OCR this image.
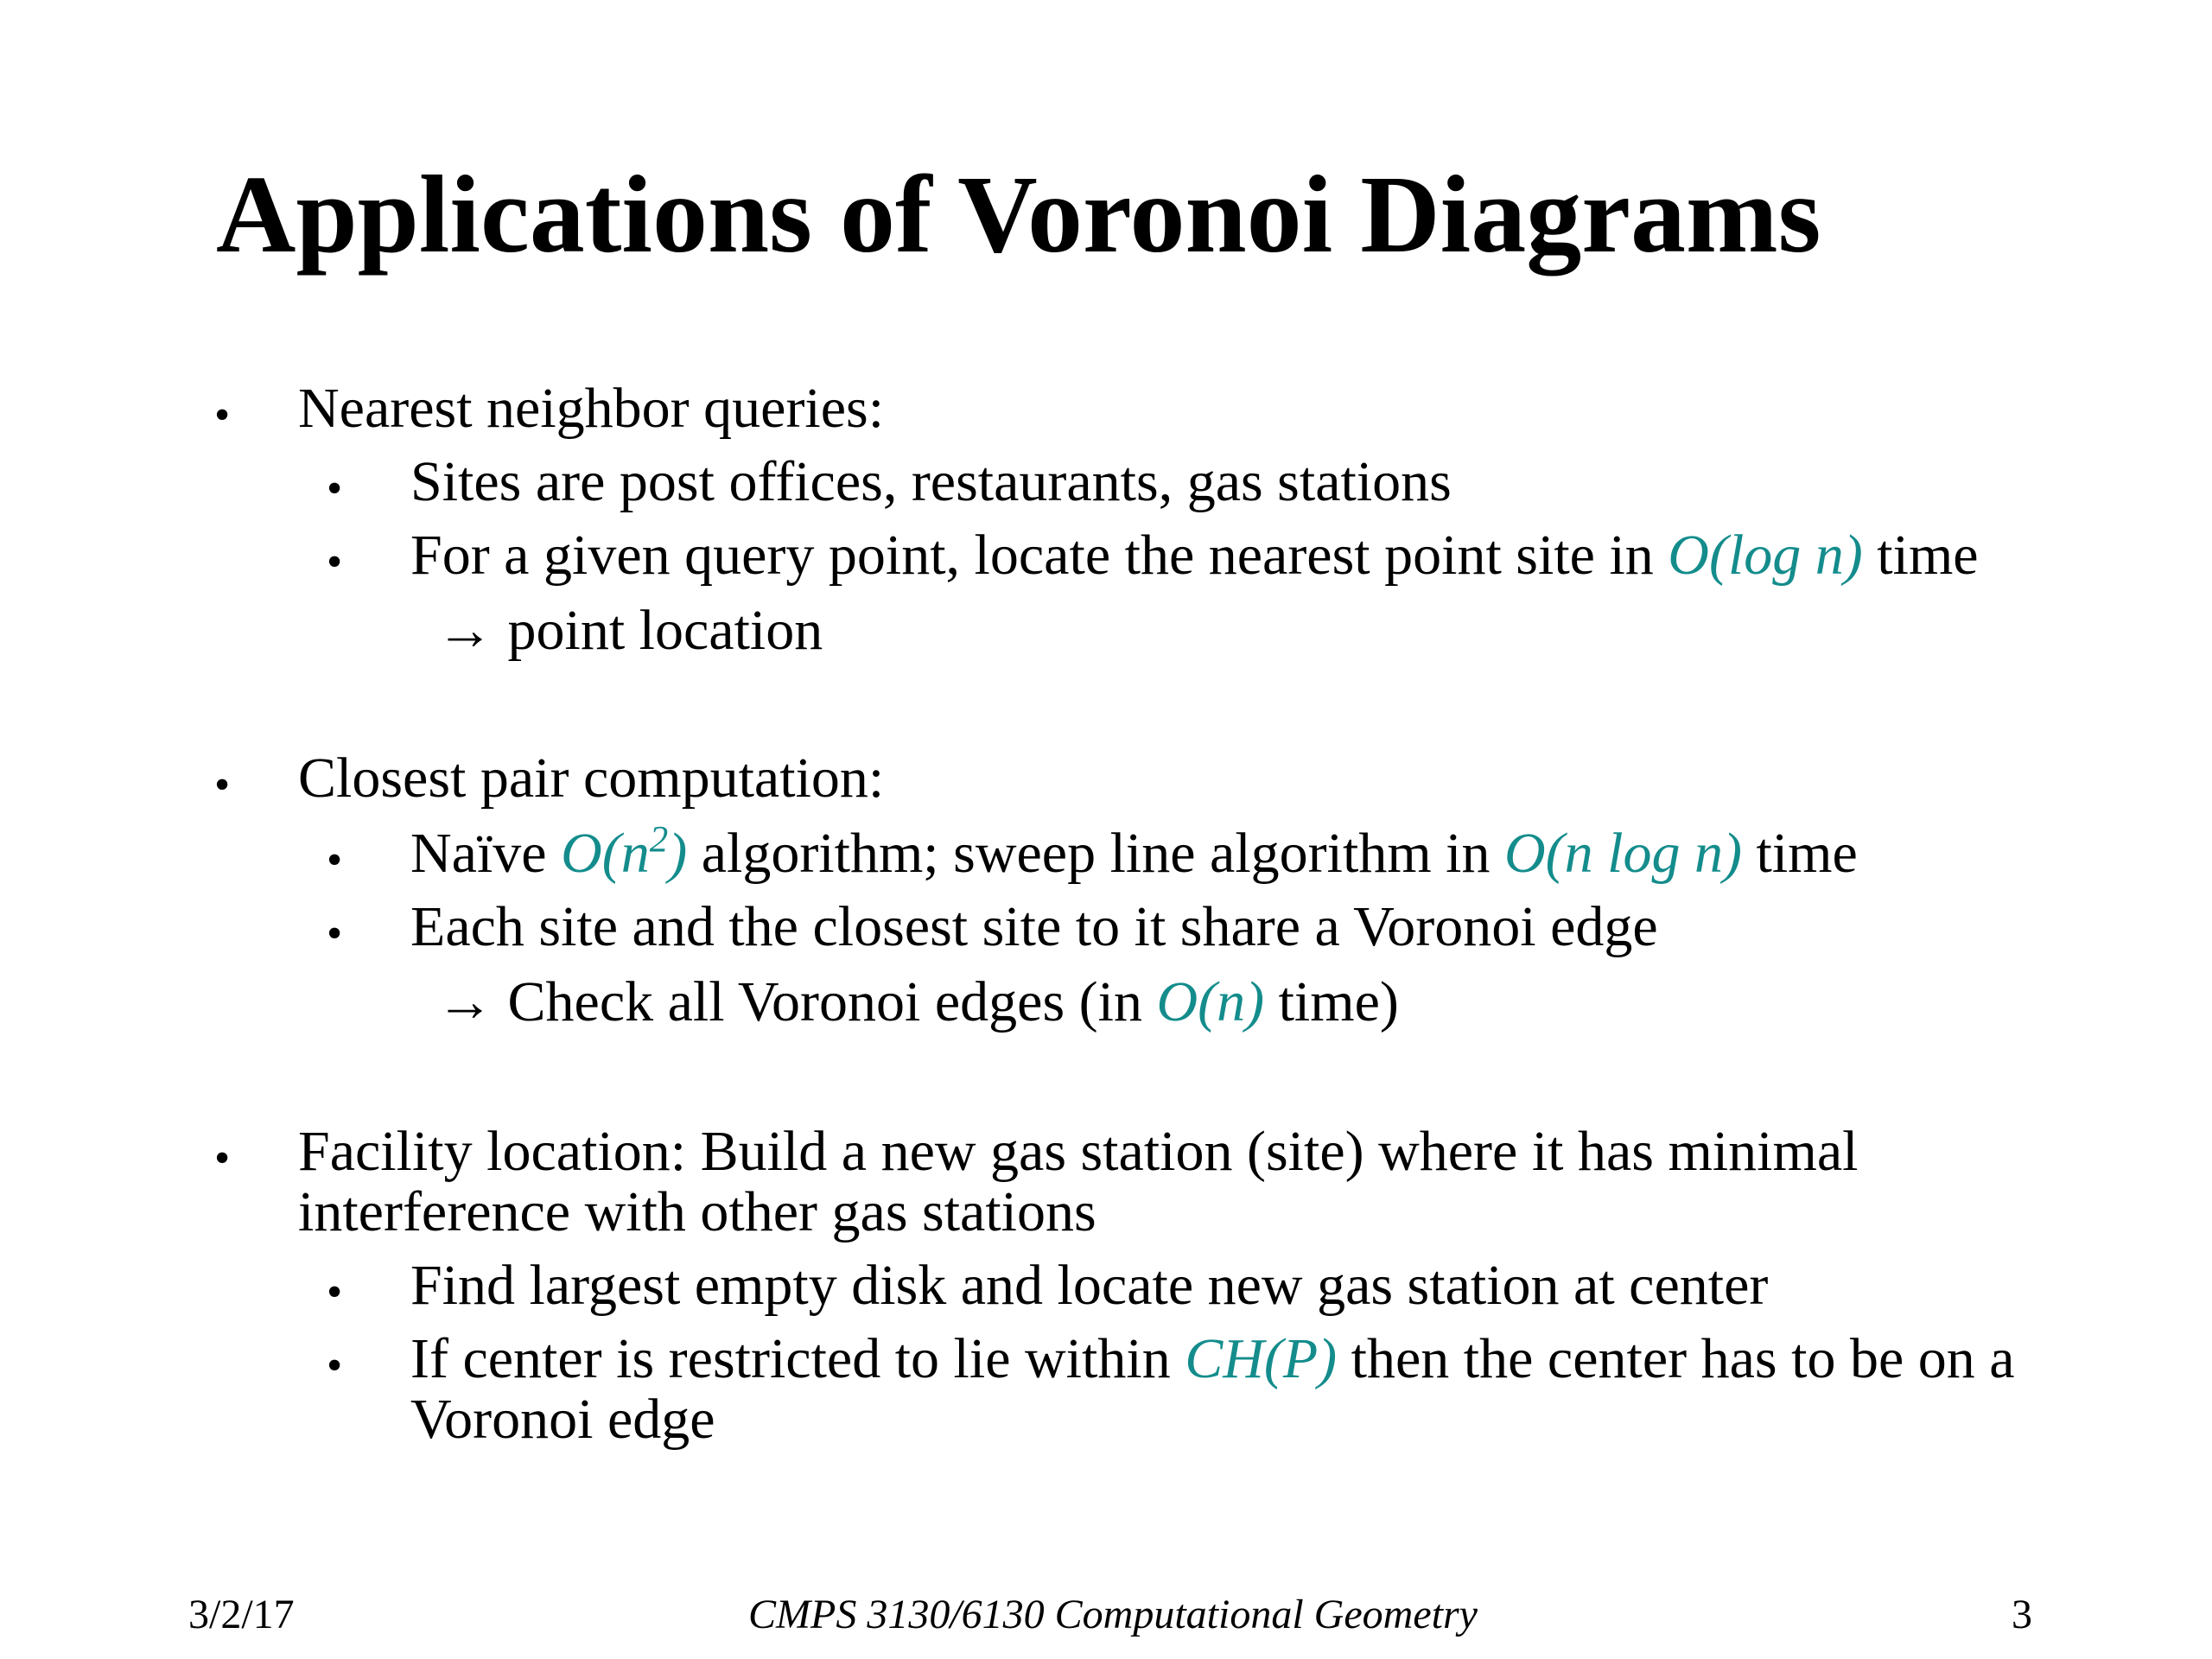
Applications of Voronoi Diagrams
• Nearest neighbor queries:
• Sites are post offices, restaurants, gas stations
• For a given query point, locate the nearest point site in O(log n) time
→ point location
• Closest pair computation:
• Naïve $O(n^2)$ algorithm; sweep line algorithm in O(n log n) time
• Each site and the closest site to it share a Voronoi edge
→ Check all Voronoi edges (in O(n) time)
• Facility location: Build a new gas station (site) where it has minimal
interference with other gas stations
• Find largest empty disk and locate new gas station at center
• If center is restricted to lie within CH(P) then the center has to be on a
Voronoi edge
3/2/17	CMPS 3130/6130 Computational Geometry	3
